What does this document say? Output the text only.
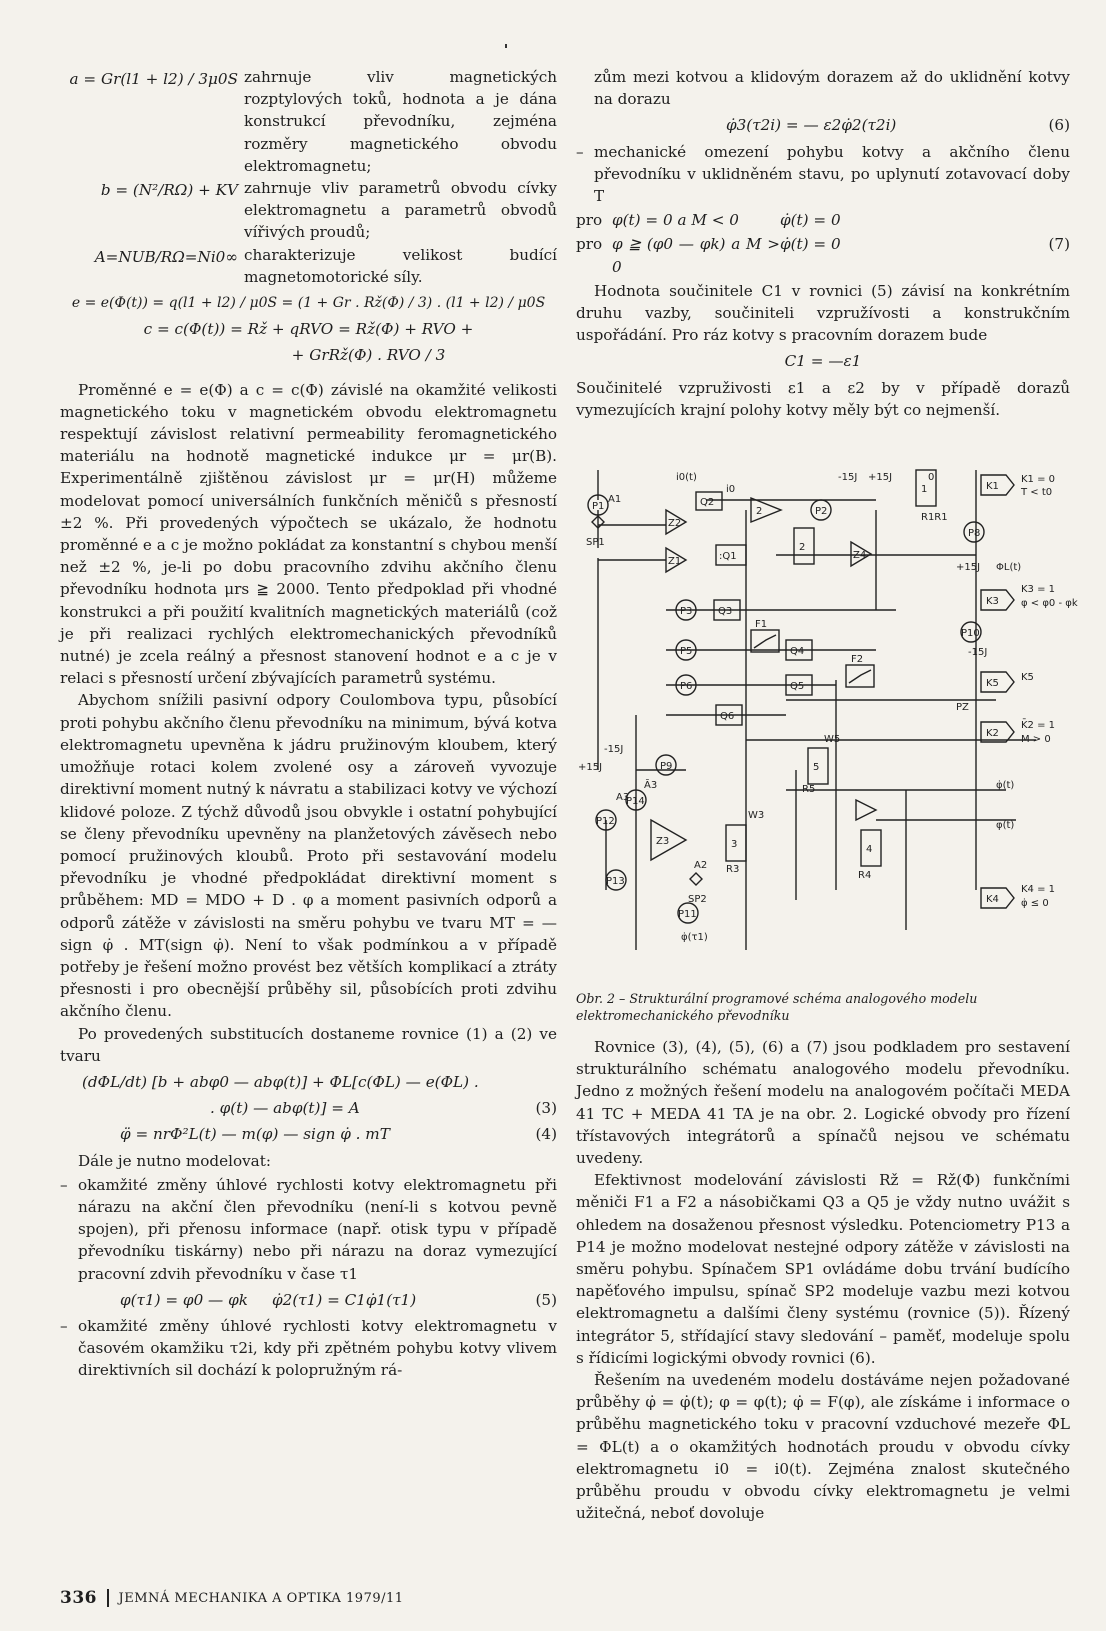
a = Gr(l1 + l2) / 3μ0S zahrnuje vliv magnetických rozptylových toků, hodnota a je dána konstrukcí převodníku, zejména rozměry magnetického obvodu elektromagnetu;
b = (N²/RΩ) + KV zahrnuje vliv parametrů obvodu cívky elektromagnetu a parametrů obvodů vířivých proudů;
A=NUB/RΩ=Ni0∞ charakterizuje velikost budící magnetomotorické síly.
e = e(Φ(t)) = q(l1 + l2) / μ0S = (1 + Gr . Rž(Φ) / 3) . (l1 + l2) / μ0S
c = c(Φ(t)) = Rž + qRVO = Rž(Φ) + RVO +
+ GrRž(Φ) . RVO / 3

Proměnné e = e(Φ) a c = c(Φ) závislé na okamžité velikosti magnetického toku v magnetickém obvodu elektromagnetu respektují závislost relativní permeability feromagnetického materiálu na hodnotě magnetické indukce μr = μr(B). Experimentálně zjištěnou závislost μr = μr(H) můžeme modelovat pomocí universálních funkčních měničů s přesností ±2 %. Při provedených výpočtech se ukázalo, že hodnotu proměnné e a c je možno pokládat za konstantní s chybou menší než ±2 %, je-li po dobu pracovního zdvihu akčního členu převodníku hodnota μrs ≧ 2000. Tento předpoklad při vhodné konstrukci a při použití kvalitních magnetických materiálů (což je při realizaci rychlých elektromechanických převodníků nutné) je zcela reálný a přesnost stanovení hodnot e a c je v relaci s přesností určení zbývajících parametrů systému.

Abychom snížili pasivní odpory Coulombova typu, působící proti pohybu akčního členu převodníku na minimum, bývá kotva elektromagnetu upevněna k jádru pružinovým kloubem, který umožňuje rotaci kolem zvolené osy a zároveň vyvozuje direktivní moment nutný k návratu a stabilizaci kotvy ve výchozí klidové poloze. Z týchž důvodů jsou obvykle i ostatní pohybující se členy převodníku upevněny na planžetových závěsech nebo pomocí pružinových kloubů. Proto při sestavování modelu převodníku je vhodné předpokládat direktivní moment s průběhem: MD = MDO + D . φ a moment pasivních odporů a odporů zátěže v závislosti na směru pohybu ve tvaru MT = —sign φ̇ . MT(sign φ̇). Není to však podmínkou a v případě potřeby je řešení možno provést bez větších komplikací a ztráty přesnosti i pro obecnější průběhy sil, působících proti zdvihu akčního členu.

Po provedených substitucích dostaneme rovnice (1) a (2) ve tvaru

(dΦL/dt) [b + abφ0 — abφ(t)] + ΦL[c(ΦL) — e(ΦL) .
. φ(t) — abφ(t)] = A	(3)
φ̈ = nrΦ²L(t) — m(φ) — sign φ̇ . mT	(4)

Dále je nutno modelovat:

– okamžité změny úhlové rychlosti kotvy elektromagnetu při nárazu na akční člen převodníku (není-li s kotvou pevně spojen), při přenosu informace (např. otisk typu v případě převodníku tiskárny) nebo při nárazu na doraz vymezující pracovní zdvih převodníku v čase τ1
φ(τ1) = φ0 — φk     φ̇2(τ1) = C1φ̇1(τ1)	(5)
– okamžité změny úhlové rychlosti kotvy elektromagnetu v časovém okamžiku τ2i, kdy při zpětném pohybu kotvy vlivem direktivních sil dochází k polopružným rá-

zům mezi kotvou a klidovým dorazem až do uklidnění kotvy na dorazu

φ̇3(τ2i) = — ε2φ̇2(τ2i)	(6)
– mechanické omezení pohybu kotvy a akčního členu převodníku v uklidněném stavu, po uplynutí zotavovací doby T
pro φ(t) = 0 a M < 0	φ̇(t) = 0
pro φ ≧ (φ0 — φk) a M > 0
φ̇(t) = 0	(7)

Hodnota součinitele C1 v rovnici (5) závisí na konkrétním druhu vazby, součiniteli vzpružívosti a konstrukčním uspořádání. Pro ráz kotvy s pracovním dorazem bude

C1 = —ε1

Součinitelé vzpruživosti ε1 a ε2 by v případě dorazů vymezujících krajní polohy kotvy měly být co nejmenší.

P1	P2
P3
P5
P6
P8
P9
P10
P11
P12
P13
P14
Z2
Z1
2
Z4
Z3
Q2
:Q1
Q3
Q4
Q5
Q6
F1
F2
1
2
3	4
5
K1
K3
K5
K2
K4
SP1
SP2
A1
i0(t)
i0
-15J +15J	0	K1 = 0
T < t0
R1R1
+15J ΦL(t)
K3 = 1
φ < φ0 - φk
-15J
K5
PZ
K̄2 = 1
M > 0
-15J
+15J
W5
R5	φ̇(t)
φ(t)
A3
Ā3
A2
W3
R3
R4
K4 = 1
φ̇ ≤ 0
φ̇(τ1)
Obr. 2 – Strukturální programové schéma analogového modelu elektromechanického převodníku

Rovnice (3), (4), (5), (6) a (7) jsou podkladem pro sestavení strukturálního schématu analogového modelu převodníku. Jedno z možných řešení modelu na analogovém počítači MEDA 41 TC + MEDA 41 TA je na obr. 2. Logické obvody pro řízení třístavových integrátorů a spínačů nejsou ve schématu uvedeny.

Efektivnost modelování závislosti Rž = Rž(Φ) funkčními měniči F1 a F2 a násobičkami Q3 a Q5 je vždy nutno uvážit s ohledem na dosaženou přesnost výsledku. Potenciometry P13 a P14 je možno modelovat nestejné odpory zátěže v závislosti na směru pohybu. Spínačem SP1 ovládáme dobu trvání budícího napěťového impulsu, spínač SP2 modeluje vazbu mezi kotvou elektromagnetu a dalšími členy systému (rovnice (5)). Řízený integrátor 5, střídající stavy sledování – paměť, modeluje spolu s řídicími logickými obvody rovnici (6).

Řešením na uvedeném modelu dostáváme nejen požadované průběhy φ̇ = φ̇(t); φ = φ(t); φ̇ = F(φ), ale získáme i informace o průběhu magnetického toku v pracovní vzduchové mezeře ΦL = ΦL(t) a o okamžitých hodnotách proudu v obvodu cívky elektromagnetu i0 = i0(t). Zejména znalost skutečného průběhu proudu v obvodu cívky elektromagnetu je velmi užitečná, neboť dovoluje

336 JEMNÁ MECHANIKA A OPTIKA 1979/11
